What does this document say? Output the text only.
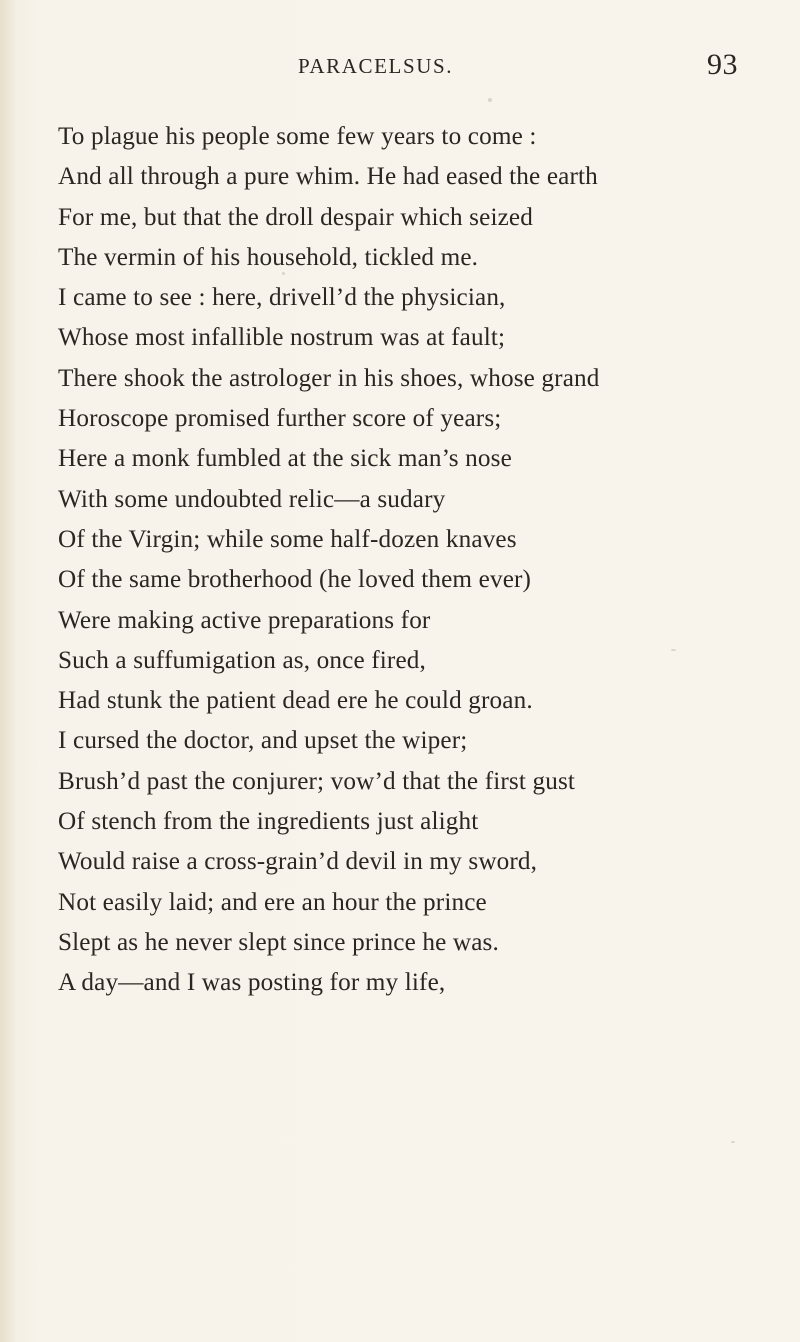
PARACELSUS.	93
To plague his people some few years to come :
And all through a pure whim. He had eased the earth
For me, but that the droll despair which seized
The vermin of his household, tickled me.
I came to see : here, drivell’d the physician,
Whose most infallible nostrum was at fault;
There shook the astrologer in his shoes, whose grand
Horoscope promised further score of years;
Here a monk fumbled at the sick man’s nose
With some undoubted relic—a sudary
Of the Virgin; while some half-dozen knaves
Of the same brotherhood (he loved them ever)
Were making active preparations for
Such a suffumigation as, once fired,
Had stunk the patient dead ere he could groan.
I cursed the doctor, and upset the wiper;
Brush’d past the conjurer; vow’d that the first gust
Of stench from the ingredients just alight
Would raise a cross-grain’d devil in my sword,
Not easily laid; and ere an hour the prince
Slept as he never slept since prince he was.
A day—and I was posting for my life,
